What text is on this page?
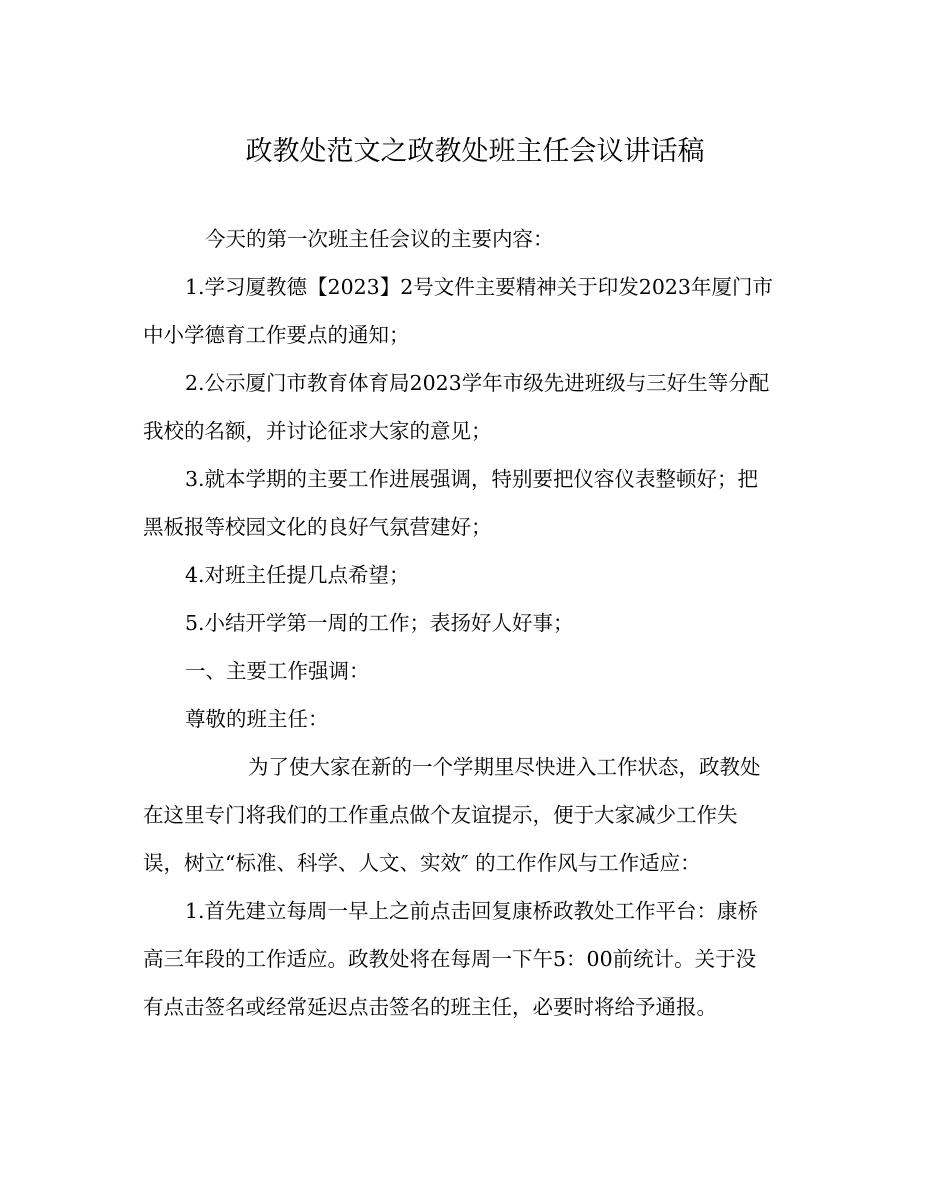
政教处范文之政教处班主任会议讲话稿

今天的第一次班主任会议的主要内容：

1.学习厦教德【2023】2号文件主要精神关于印发2023年厦门市

中小学德育工作要点的通知；

2.公示厦门市教育体育局2023学年市级先进班级与三好生等分配

我校的名额，并讨论征求大家的意见；

3.就本学期的主要工作进展强调，特别要把仪容仪表整顿好；把

黑板报等校园文化的良好气氛营建好；

4.对班主任提几点希望；

5.小结开学第一周的工作；表扬好人好事；

一、主要工作强调：

尊敬的班主任：

为了使大家在新的一个学期里尽快进入工作状态，政教处

在这里专门将我们的工作重点做个友谊提示，便于大家减少工作失

误，树立“标准、科学、人文、实效″ 的工作作风与工作适应：

1.首先建立每周一早上之前点击回复康桥政教处工作平台：康桥

高三年段的工作适应。政教处将在每周一下午5：00前统计。关于没

有点击签名或经常延迟点击签名的班主任，必要时将给予通报。
